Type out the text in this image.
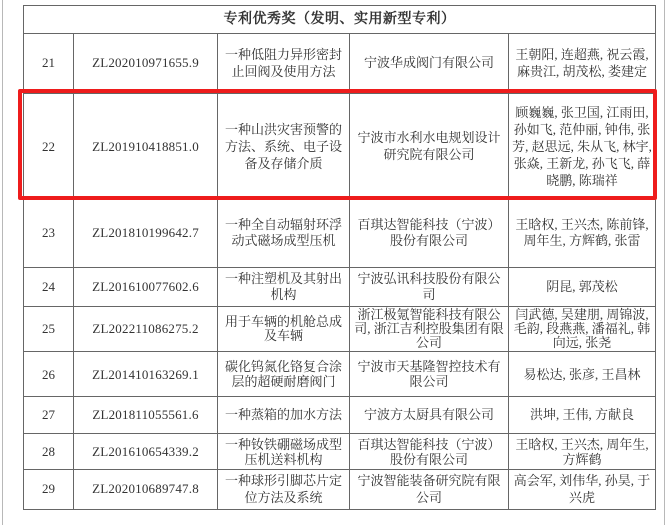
专利优秀奖（发明、实用新型专利）				
21	ZL202010971655.9	一种低阻力异形密封止回阀及使用方法	宁波华成阀门有限公司	王朝阳, 连超燕, 祝云霞, 麻贵江, 胡茂松, 娄建定
22	ZL201910418851.0	一种山洪灾害预警的方法、系统、电子设备及存储介质	宁波市水利水电规划设计研究院有限公司	顾巍巍, 张卫国, 江雨田, 孙如飞, 范仲丽, 钟伟, 张芳, 赵思远, 朱从飞, 林宇, 张焱, 王新龙, 孙飞飞, 薛晓鹏, 陈瑞祥
23	ZL201810199642.7	一种全自动辐射环浮动式磁场成型压机	百琪达智能科技（宁波）股份有限公司	王晗权, 王兴杰, 陈前锋, 周年生, 方辉鹤, 张雷
24	ZL201610077602.6	一种注塑机及其射出机构	宁波弘讯科技股份有限公司	阴昆, 郭茂松
25	ZL202211086275.2	用于车辆的机舱总成及车辆	浙江极氪智能科技有限公司, 浙江吉利控股集团有限公司	闫武德, 吴建朋, 周锦波, 毛韵, 段燕燕, 潘福礼, 韩向远, 张尧
26	ZL201410163269.1	碳化钨氮化铬复合涂层的超硬耐磨阀门	宁波市天基隆智控技术有限公司	易松达, 张彦, 王昌林
27	ZL201811055561.6	一种蒸箱的加水方法	宁波方太厨具有限公司	洪坤, 王伟, 方献良
28	ZL201610654339.2	一种钕铁硼磁场成型压机送料机构	百琪达智能科技（宁波）股份有限公司	王晗权, 王兴杰, 周年生, 方辉鹤
29	ZL202010689747.8	一种球形引脚芯片定位方法及系统	宁波智能装备研究院有限公司	高会军, 刘伟华, 孙昊, 于兴虎
